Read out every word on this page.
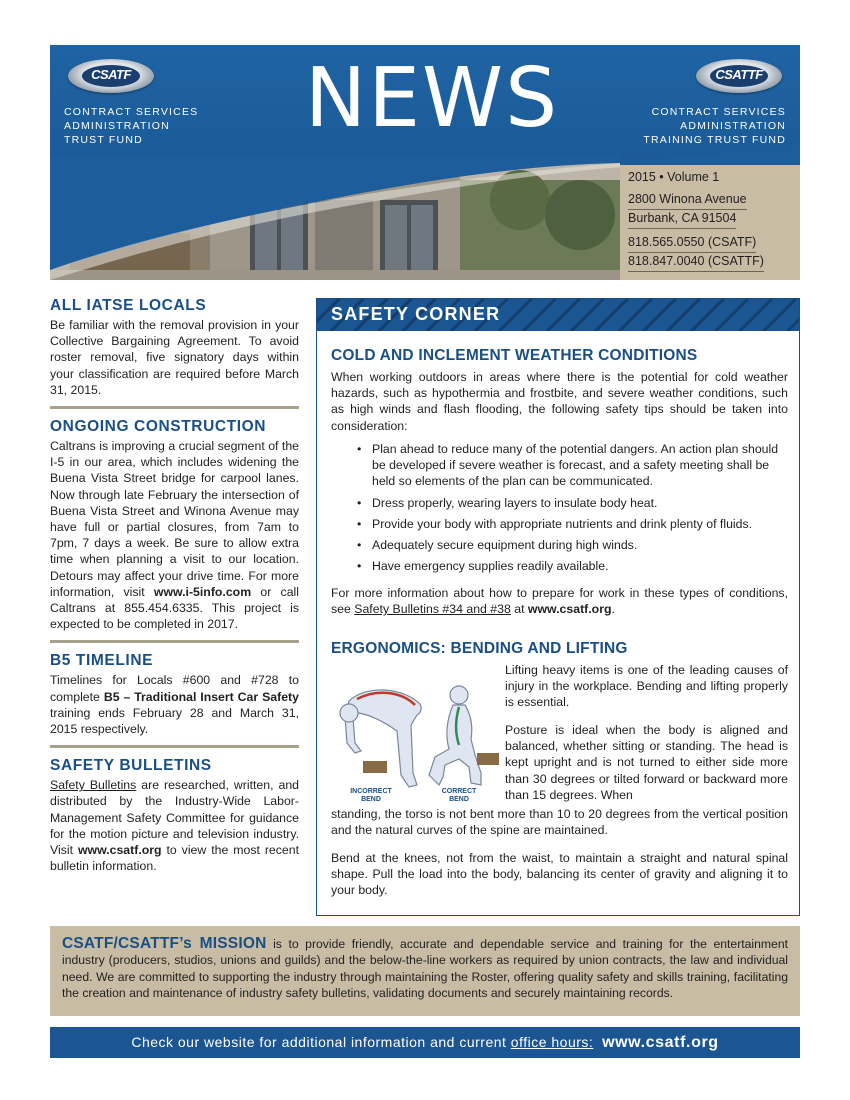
CSATF	CSATTF
NEWS
CONTRACT SERVICES
ADMINISTRATION
TRUST FUND
CONTRACT SERVICES
ADMINISTRATION
TRAINING TRUST FUND
2015 • Volume 1
2800 Winona Avenue
Burbank, CA 91504
818.565.0550 (CSATF)
818.847.0040 (CSATTF)
ALL IATSE LOCALS
Be familiar with the removal provision in your Collective Bargaining Agreement. To avoid roster removal, five signatory days within your classification are required before March 31, 2015.
ONGOING CONSTRUCTION
Caltrans is improving a crucial segment of the I-5 in our area, which includes widening the Buena Vista Street bridge for carpool lanes. Now through late February the intersection of Buena Vista Street and Winona Avenue may have full or partial closures, from 7am to 7pm, 7 days a week. Be sure to allow extra time when planning a visit to our location. Detours may affect your drive time. For more information, visit www.i-5info.com or call Caltrans at 855.454.6335. This project is expected to be completed in 2017.
B5 TIMELINE
Timelines for Locals #600 and #728 to complete B5 – Traditional Insert Car Safety training ends February 28 and March 31, 2015 respectively.
SAFETY BULLETINS
Safety Bulletins are researched, written, and distributed by the Industry-Wide Labor-Management Safety Committee for guidance for the motion picture and television industry. Visit www.csatf.org to view the most recent bulletin information.
SAFETY CORNER
COLD AND INCLEMENT WEATHER CONDITIONS
When working outdoors in areas where there is the potential for cold weather hazards, such as hypothermia and frostbite, and severe weather conditions, such as high winds and flash flooding, the following safety tips should be taken into consideration:
• Plan ahead to reduce many of the potential dangers. An action plan should be developed if severe weather is forecast, and a safety meeting shall be held so elements of the plan can be communicated.
• Dress properly, wearing layers to insulate body heat.
• Provide your body with appropriate nutrients and drink plenty of fluids.
• Adequately secure equipment during high winds.
• Have emergency supplies readily available.
For more information about how to prepare for work in these types of conditions, see Safety Bulletins #34 and #38 at www.csatf.org.
ERGONOMICS: BENDING AND LIFTING
INCORRECT
BEND
CORRECT
BEND
Lifting heavy items is one of the leading causes of injury in the workplace. Bending and lifting properly is essential.
Posture is ideal when the body is aligned and balanced, whether sitting or standing. The head is kept upright and is not turned to either side more than 30 degrees or tilted forward or backward more than 15 degrees. When
standing, the torso is not bent more than 10 to 20 degrees from the vertical position and the natural curves of the spine are maintained.
Bend at the knees, not from the waist, to maintain a straight and natural spinal shape. Pull the load into the body, balancing its center of gravity and aligning it to your body.
CSATF/CSATTF’s MISSION is to provide friendly, accurate and dependable service and training for the entertainment industry (producers, studios, unions and guilds) and the below-the-line workers as required by union contracts, the law and individual need. We are committed to supporting the industry through maintaining the Roster, offering quality safety and skills training, facilitating the creation and maintenance of industry safety bulletins, validating documents and securely maintaining records.
Check our website for additional information and current office hours: www.csatf.org
